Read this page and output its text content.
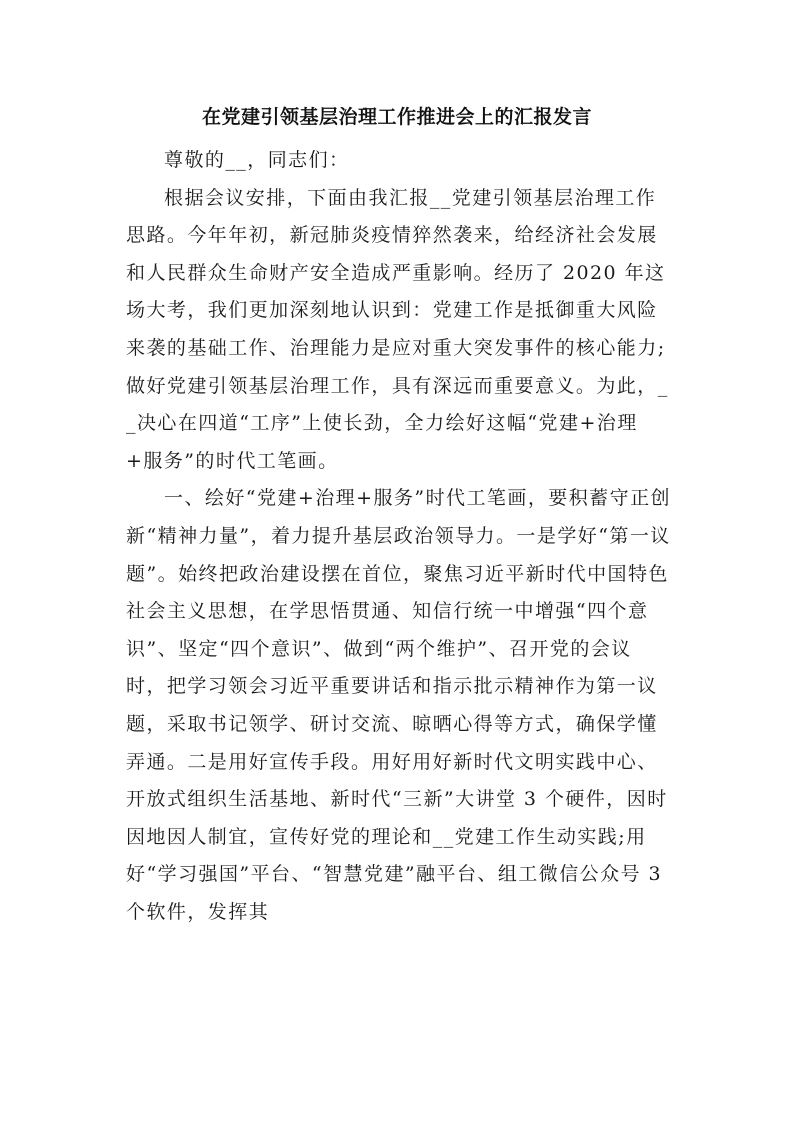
在党建引领基层治理工作推进会上的汇报发言

尊敬的__，同志们：

根据会议安排，下面由我汇报__党建引领基层治理工作思路。今年年初，新冠肺炎疫情猝然袭来，给经济社会发展和人民群众生命财产安全造成严重影响。经历了 2020 年这场大考，我们更加深刻地认识到：党建工作是抵御重大风险来袭的基础工作、治理能力是应对重大突发事件的核心能力;做好党建引领基层治理工作，具有深远而重要意义。为此，__决心在四道“工序”上使长劲，全力绘好这幅“党建+治理+服务”的时代工笔画。

一、绘好“党建+治理+服务”时代工笔画，要积蓄守正创新“精神力量”，着力提升基层政治领导力。一是学好“第一议题”。始终把政治建设摆在首位，聚焦习近平新时代中国特色社会主义思想，在学思悟贯通、知信行统一中增强“四个意识”、坚定“四个意识”、做到“两个维护”、召开党的会议时，把学习领会习近平重要讲话和指示批示精神作为第一议题，采取书记领学、研讨交流、晾晒心得等方式，确保学懂弄通。二是用好宣传手段。用好用好新时代文明实践中心、开放式组织生活基地、新时代“三新”大讲堂 3 个硬件，因时因地因人制宜，宣传好党的理论和__党建工作生动实践;用好“学习强国”平台、“智慧党建”融平台、组工微信公众号 3 个软件，发挥其
